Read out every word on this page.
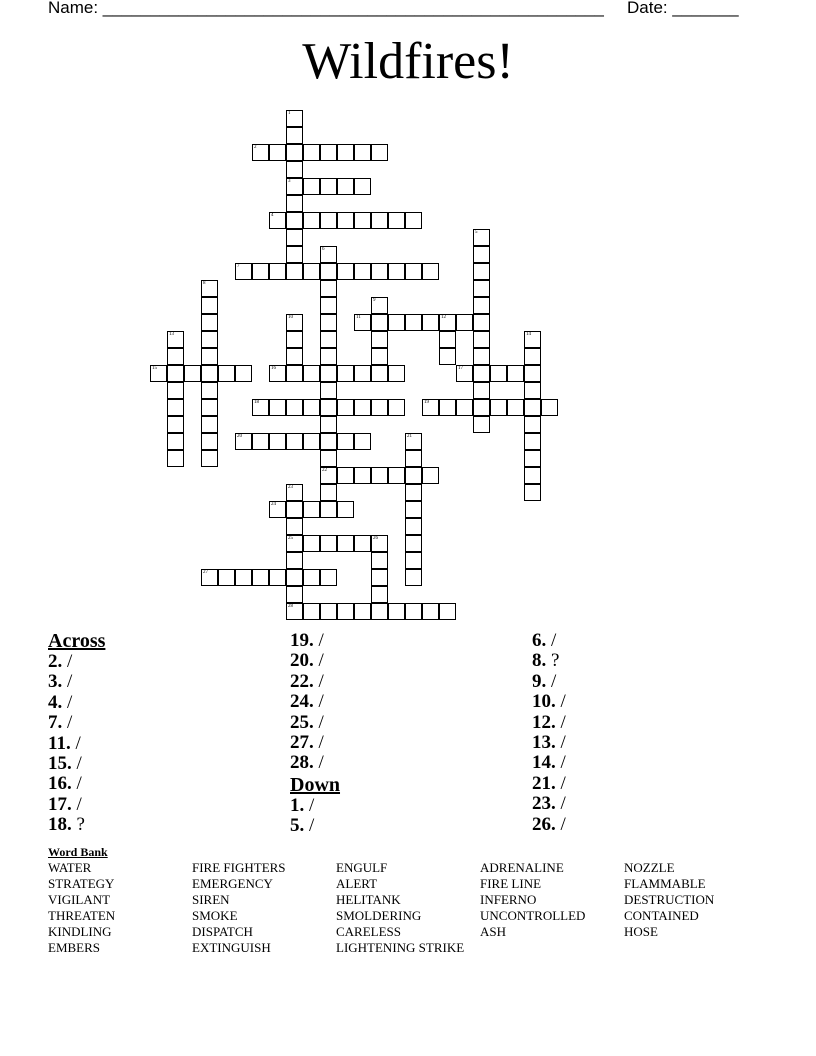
Name: _____________________________________________________ Date: _______
Wildfires!
1
3
2
4
5
6
22
7
8
9
10	11	12
13	14
15	16	17
18	19
20	21
23
25
24
26
27
28
Across
2. /
3. /
4. /
7. /
11. /
15. /
16. /
17. /
18. ?
19. /
20. /
22. /
24. /
25. /
27. /
28. /
Down
1. /
5. /
6. /
8. ?
9. /
10. /
12. /
13. /
14. /
21. /
23. /
26. /
Word Bank
WATER
STRATEGY
VIGILANT
THREATEN
KINDLING
EMBERS
FIRE FIGHTERS
EMERGENCY
SIREN
SMOKE
DISPATCH
EXTINGUISH
ENGULF
ALERT
HELITANK
SMOLDERING
CARELESS
LIGHTENING STRIKE
ADRENALINE
FIRE LINE
INFERNO
UNCONTROLLED
ASH
NOZZLE
FLAMMABLE
DESTRUCTION
CONTAINED
HOSE
